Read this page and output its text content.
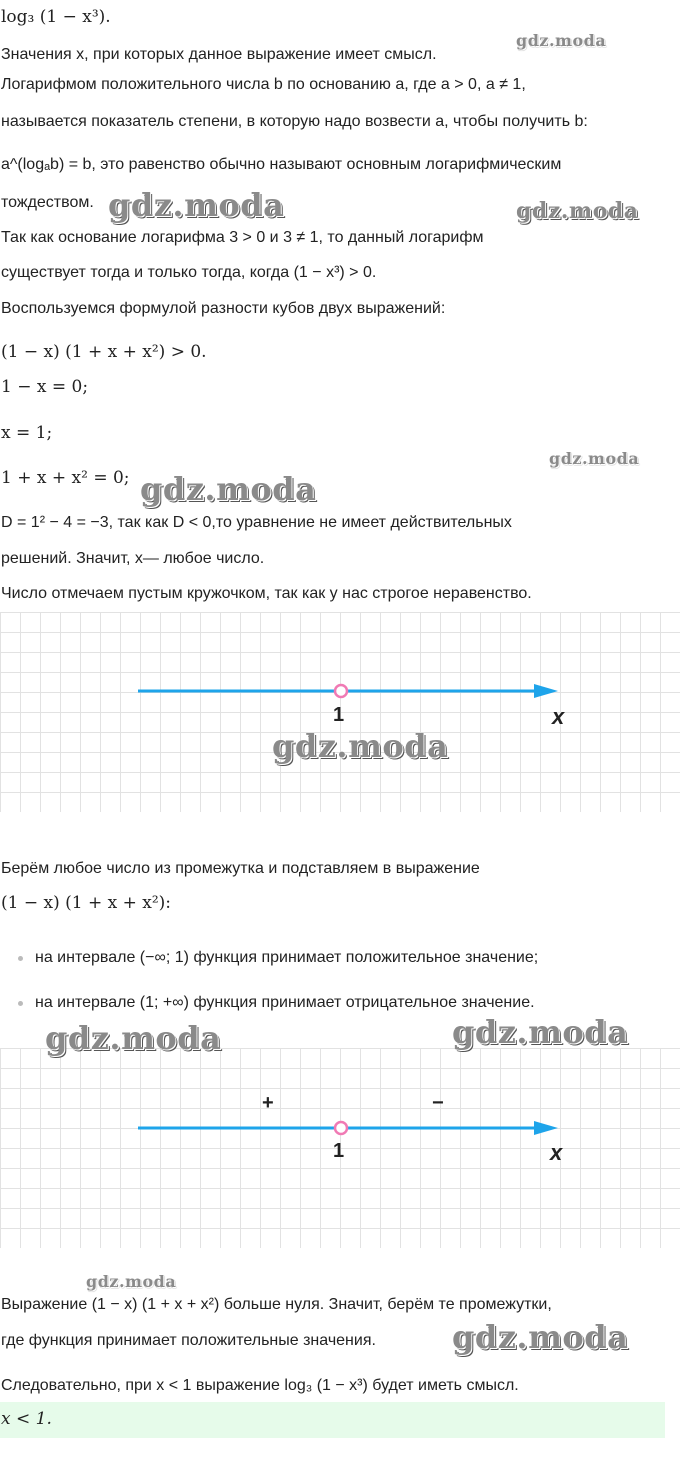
log₃ (1 − x³).
Значения x, при которых данное выражение имеет смысл.
Логарифмом положительного числа b по основанию a, где a > 0, a ≠ 1,
называется показатель степени, в которую надо возвести a, чтобы получить b:
a^(logₐb) = b, это равенство обычно называют основным логарифмическим
тождеством.
Так как основание логарифма 3 > 0 и 3 ≠ 1, то данный логарифм
существует тогда и только тогда, когда (1 − x³) > 0.
Воспользуемся формулой разности кубов двух выражений:
(1 − x) (1 + x + x²) > 0.
1 − x = 0;
x = 1;
1 + x + x² = 0;
D = 1² − 4 = −3, так как D < 0,то уравнение не имеет действительных
решений. Значит, x— любое число.
Число отмечаем пустым кружочком, так как у нас строгое неравенство.
1	x
Берём любое число из промежутка и подставляем в выражение
(1 − x) (1 + x + x²):
на интервале (−∞; 1) функция принимает положительное значение;
на интервале (1; +∞) функция принимает отрицательное значение.
+	−
1	x
Выражение (1 − x) (1 + x + x²) больше нуля. Значит, берём те промежутки,
где функция принимает положительные значения.
Следовательно, при x < 1 выражение log₃ (1 − x³) будет иметь смысл.
x < 1.
gdz.moda
gdz.moda	gdz.moda
gdz.moda
gdz.moda
gdz.moda
gdz.moda	gdz.moda
gdz.moda
gdz.moda
